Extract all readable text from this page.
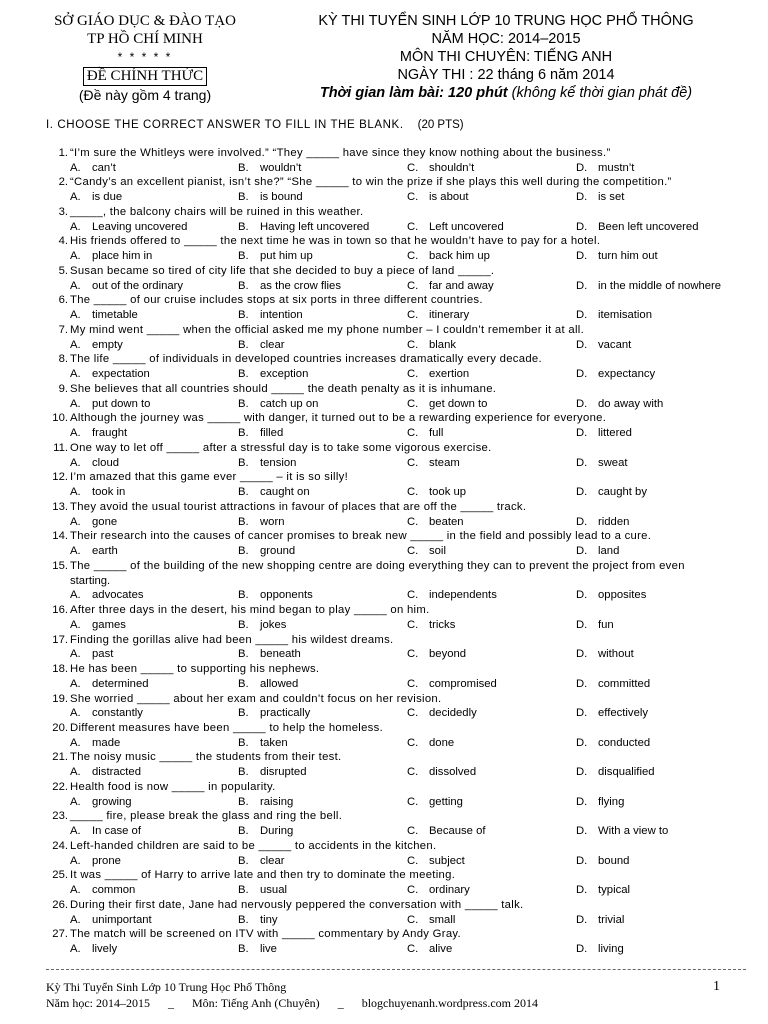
SỞ GIÁO DỤC & ĐÀO TẠO
TP HỒ CHÍ MINH
* * * * *
ĐỀ CHÍNH THỨC
(Đề này gồm 4 trang)
KỲ THI TUYỂN SINH LỚP 10 TRUNG HỌC PHỔ THÔNG
NĂM HỌC: 2014–2015
MÔN THI CHUYÊN: TIẾNG ANH
NGÀY THI : 22 tháng 6 năm 2014
Thời gian làm bài: 120 phút (không kể thời gian phát đề)
I. CHOOSE THE CORRECT ANSWER TO FILL IN THE BLANK. (20 PTS)
1. “I’m sure the Whitleys were involved.” “They _____ have since they know nothing about the business.”
A. can’t	B. wouldn’t	C. shouldn’t	D. mustn’t
2. “Candy’s an excellent pianist, isn’t she?” “She _____ to win the prize if she plays this well during the competition.”
A. is due	B. is bound	C. is about	D. is set
3. _____, the balcony chairs will be ruined in this weather.
A. Leaving uncovered	B. Having left uncovered	C. Left uncovered	D. Been left uncovered
4. His friends offered to _____ the next time he was in town so that he wouldn’t have to pay for a hotel.
A. place him in	B. put him up	C. back him up	D. turn him out
5. Susan became so tired of city life that she decided to buy a piece of land _____.
A. out of the ordinary	B. as the crow flies	C. far and away	D. in the middle of nowhere
6. The _____ of our cruise includes stops at six ports in three different countries.
A. timetable	B. intention	C. itinerary	D. itemisation
7. My mind went _____ when the official asked me my phone number – I couldn’t remember it at all.
A. empty	B. clear	C. blank	D. vacant
8. The life _____ of individuals in developed countries increases dramatically every decade.
A. expectation	B. exception	C. exertion	D. expectancy
9. She believes that all countries should _____ the death penalty as it is inhumane.
A. put down to	B. catch up on	C. get down to	D. do away with
10. Although the journey was _____ with danger, it turned out to be a rewarding experience for everyone.
A. fraught	B. filled	C. full	D. littered
11. One way to let off _____ after a stressful day is to take some vigorous exercise.
A. cloud	B. tension	C. steam	D. sweat
12. I’m amazed that this game ever _____ – it is so silly!
A. took in	B. caught on	C. took up	D. caught by
13. They avoid the usual tourist attractions in favour of places that are off the _____ track.
A. gone	B. worn	C. beaten	D. ridden
14. Their research into the causes of cancer promises to break new _____ in the field and possibly lead to a cure.
A. earth	B. ground	C. soil	D. land
15. The _____ of the building of the new shopping centre are doing everything they can to prevent the project from even
starting.
A. advocates	B. opponents	C. independents	D. opposites
16. After three days in the desert, his mind began to play _____ on him.
A. games	B. jokes	C. tricks	D. fun
17. Finding the gorillas alive had been _____ his wildest dreams.
A. past	B. beneath	C. beyond	D. without
18. He has been _____ to supporting his nephews.
A. determined	B. allowed	C. compromised	D. committed
19. She worried _____ about her exam and couldn’t focus on her revision.
A. constantly	B. practically	C. decidedly	D. effectively
20. Different measures have been _____ to help the homeless.
A. made	B. taken	C. done	D. conducted
21. The noisy music _____ the students from their test.
A. distracted	B. disrupted	C. dissolved	D. disqualified
22. Health food is now _____ in popularity.
A. growing	B. raising	C. getting	D. flying
23. _____ fire, please break the glass and ring the bell.
A. In case of	B. During	C. Because of	D. With a view to
24. Left-handed children are said to be _____ to accidents in the kitchen.
A. prone	B. clear	C. subject	D. bound
25. It was _____ of Harry to arrive late and then try to dominate the meeting.
A. common	B. usual	C. ordinary	D. typical
26. During their first date, Jane had nervously peppered the conversation with _____ talk.
A. unimportant	B. tiny	C. small	D. trivial
27. The match will be screened on ITV with _____ commentary by Andy Gray.
A. lively	B. live	C. alive	D. living
Kỳ Thi Tuyển Sinh Lớp 10 Trung Học Phổ Thông
Năm học: 2014–2015 _ Môn: Tiếng Anh (Chuyên) _ blogchuyenanh.wordpress.com 2014
1
